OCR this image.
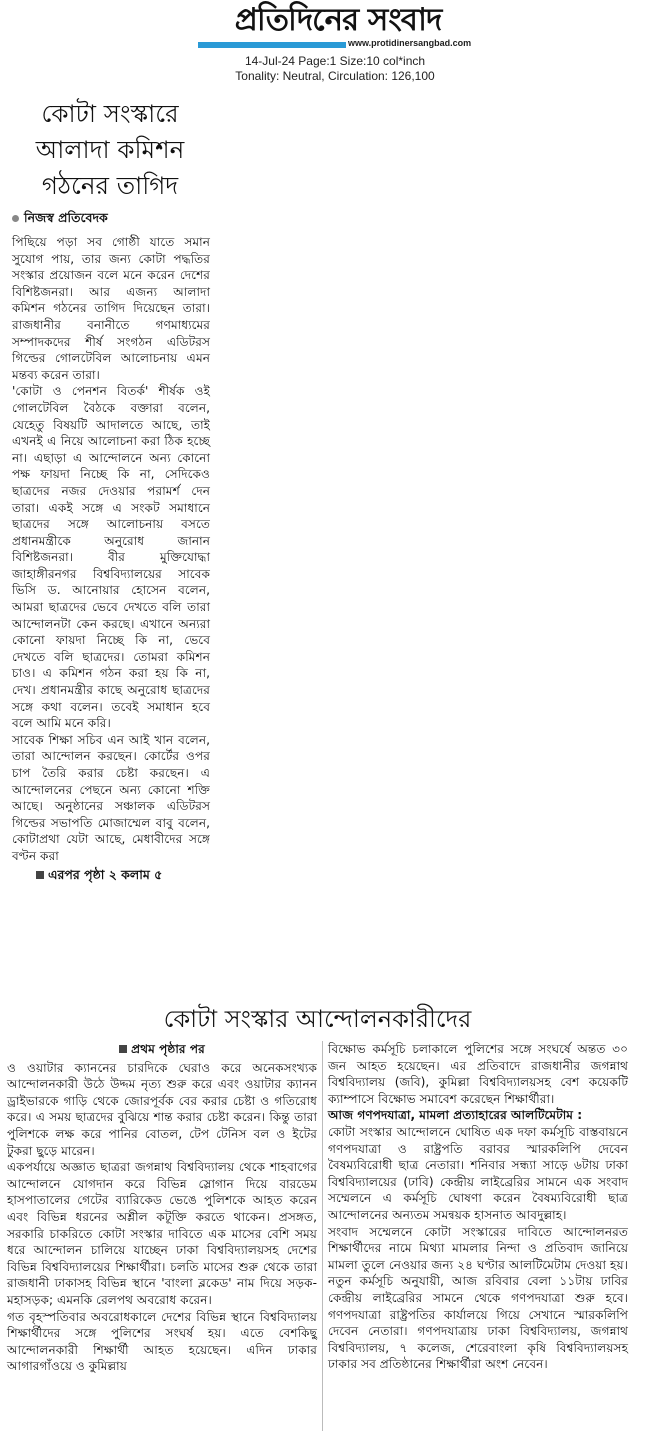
প্রতিদিনের সংবাদ
www.protidinersangbad.com
14-Jul-24 Page:1 Size:10 col*inch
Tonality: Neutral, Circulation: 126,100
কোটা সংস্কারে
আলাদা কমিশন
গঠনের তাগিদ
নিজস্ব প্রতিবেদক

পিছিয়ে পড়া সব গোষ্ঠী যাতে সমান সুযোগ পায়, তার জন্য কোটা পদ্ধতির সংস্কার প্রয়োজন বলে মনে করেন দেশের বিশিষ্টজনরা। আর এজন্য আলাদা কমিশন গঠনের তাগিদ দিয়েছেন তারা। রাজধানীর বনানীতে গণমাধ্যমের সম্পাদকদের শীর্ষ সংগঠন এডিটরস গিল্ডের গোলটেবিল আলোচনায় এমন মন্তব্য করেন তারা।

'কোটা ও পেনশন বিতর্ক' শীর্ষক ওই গোলটেবিল বৈঠকে বক্তারা বলেন, যেহেতু বিষয়টি আদালতে আছে, তাই এখনই এ নিয়ে আলোচনা করা ঠিক হচ্ছে না। এছাড়া এ আন্দোলনে অন্য কোনো পক্ষ ফায়দা নিচ্ছে কি না, সেদিকেও ছাত্রদের নজর দেওয়ার পরামর্শ দেন তারা। একই সঙ্গে এ সংকট সমাধানে ছাত্রদের সঙ্গে আলোচনায় বসতে প্রধানমন্ত্রীকে অনুরোধ জানান বিশিষ্টজনরা। বীর মুক্তিযোদ্ধা জাহাঙ্গীরনগর বিশ্ববিদ্যালয়ের সাবেক ভিসি ড. আনোয়ার হোসেন বলেন, আমরা ছাত্রদের ভেবে দেখতে বলি তারা আন্দোলনটা কেন করছে। এখানে অন্যরা কোনো ফায়দা নিচ্ছে কি না, ভেবে দেখতে বলি ছাত্রদের। তোমরা কমিশন চাও। এ কমিশন গঠন করা হয় কি না, দেখ। প্রধানমন্ত্রীর কাছে অনুরোধ ছাত্রদের সঙ্গে কথা বলেন। তবেই সমাধান হবে বলে আমি মনে করি।

সাবেক শিক্ষা সচিব এন আই খান বলেন, তারা আন্দোলন করছেন। কোর্টের ওপর চাপ তৈরি করার চেষ্টা করছেন। এ আন্দোলনের পেছনে অন্য কোনো শক্তি আছে। অনুষ্ঠানের সঞ্চালক এডিটরস গিল্ডের সভাপতি মোজাম্মেল বাবু বলেন, কোটাপ্রথা যেটা আছে, মেধাবীদের সঙ্গে বণ্টন করা

এরপর পৃষ্ঠা ২ কলাম ৫
কোটা সংস্কার আন্দোলনকারীদের

প্রথম পৃষ্ঠার পর

ও ওয়াটার ক্যাননের চারদিকে ঘেরাও করে অনেকসংখ্যক আন্দোলনকারী উঠে উদ্দম নৃত্য শুরু করে এবং ওয়াটার ক্যানন ড্রাইভারকে গাড়ি থেকে জোরপূর্বক বের করার চেষ্টা ও গতিরোধ করে। এ সময় ছাত্রদের বুঝিয়ে শান্ত করার চেষ্টা করেন। কিন্তু তারা পুলিশকে লক্ষ করে পানির বোতল, টেপ টেনিস বল ও ইটের টুকরা ছুড়ে মারেন।

একপর্যায়ে অজ্ঞাত ছাত্ররা জগন্নাথ বিশ্ববিদ্যালয় থেকে শাহবাগের আন্দোলনে যোগদান করে বিভিন্ন স্লোগান দিয়ে বারডেম হাসপাতালের গেটের ব্যারিকেড ভেঙে পুলিশকে আহত করেন এবং বিভিন্ন ধরনের অশ্লীল কটূক্তি করতে থাকেন। প্রসঙ্গত, সরকারি চাকরিতে কোটা সংস্কার দাবিতে এক মাসের বেশি সময় ধরে আন্দোলন চালিয়ে যাচ্ছেন ঢাকা বিশ্ববিদ্যালয়সহ দেশের বিভিন্ন বিশ্ববিদ্যালয়ের শিক্ষার্থীরা। চলতি মাসের শুরু থেকে তারা রাজধানী ঢাকাসহ বিভিন্ন স্থানে 'বাংলা ব্লকেড' নাম দিয়ে সড়ক-মহাসড়ক; এমনকি রেলপথ অবরোধ করেন।

গত বৃহস্পতিবার অবরোধকালে দেশের বিভিন্ন স্থানে বিশ্ববিদ্যালয় শিক্ষার্থীদের সঙ্গে পুলিশের সংঘর্ষ হয়। এতে বেশকিছু আন্দোলনকারী শিক্ষার্থী আহত হয়েছেন। এদিন ঢাকার আগারগাঁওয়ে ও কুমিল্লায়

বিক্ষোভ কর্মসূচি চলাকালে পুলিশের সঙ্গে সংঘর্ষে অন্তত ৩০ জন আহত হয়েছেন। এর প্রতিবাদে রাজধানীর জগন্নাথ বিশ্ববিদ্যালয় (জবি), কুমিল্লা বিশ্ববিদ্যালয়সহ বেশ কয়েকটি ক্যাম্পাসে বিক্ষোভ সমাবেশ করেছেন শিক্ষার্থীরা।

আজ গণপদযাত্রা, মামলা প্রত্যাহারের আলটিমেটাম :

কোটা সংস্কার আন্দোলনে ঘোষিত এক দফা কর্মসূচি বাস্তবায়নে গণপদযাত্রা ও রাষ্ট্রপতি বরাবর স্মারকলিপি দেবেন বৈষম্যবিরোধী ছাত্র নেতারা। শনিবার সন্ধ্যা সাড়ে ৬টায় ঢাকা বিশ্ববিদ্যালয়ের (ঢাবি) কেন্দ্রীয় লাইব্রেরির সামনে এক সংবাদ সম্মেলনে এ কর্মসূচি ঘোষণা করেন বৈষম্যবিরোধী ছাত্র আন্দোলনের অন্যতম সমন্বয়ক হাসনাত আবদুল্লাহ।

সংবাদ সম্মেলনে কোটা সংস্কারের দাবিতে আন্দোলনরত শিক্ষার্থীদের নামে মিথ্যা মামলার নিন্দা ও প্রতিবাদ জানিয়ে মামলা তুলে নেওয়ার জন্য ২৪ ঘণ্টার আলটিমেটাম দেওয়া হয়। নতুন কর্মসূচি অনুযায়ী, আজ রবিবার বেলা ১১টায় ঢাবির কেন্দ্রীয় লাইব্রেরির সামনে থেকে গণপদযাত্রা শুরু হবে। গণপদযাত্রা রাষ্ট্রপতির কার্যালয়ে গিয়ে সেখানে স্মারকলিপি দেবেন নেতারা। গণপদযাত্রায় ঢাকা বিশ্ববিদ্যালয়, জগন্নাথ বিশ্ববিদ্যালয়, ৭ কলেজ, শেরেবাংলা কৃষি বিশ্ববিদ্যালয়সহ ঢাকার সব প্রতিষ্ঠানের শিক্ষার্থীরা অংশ নেবেন।
